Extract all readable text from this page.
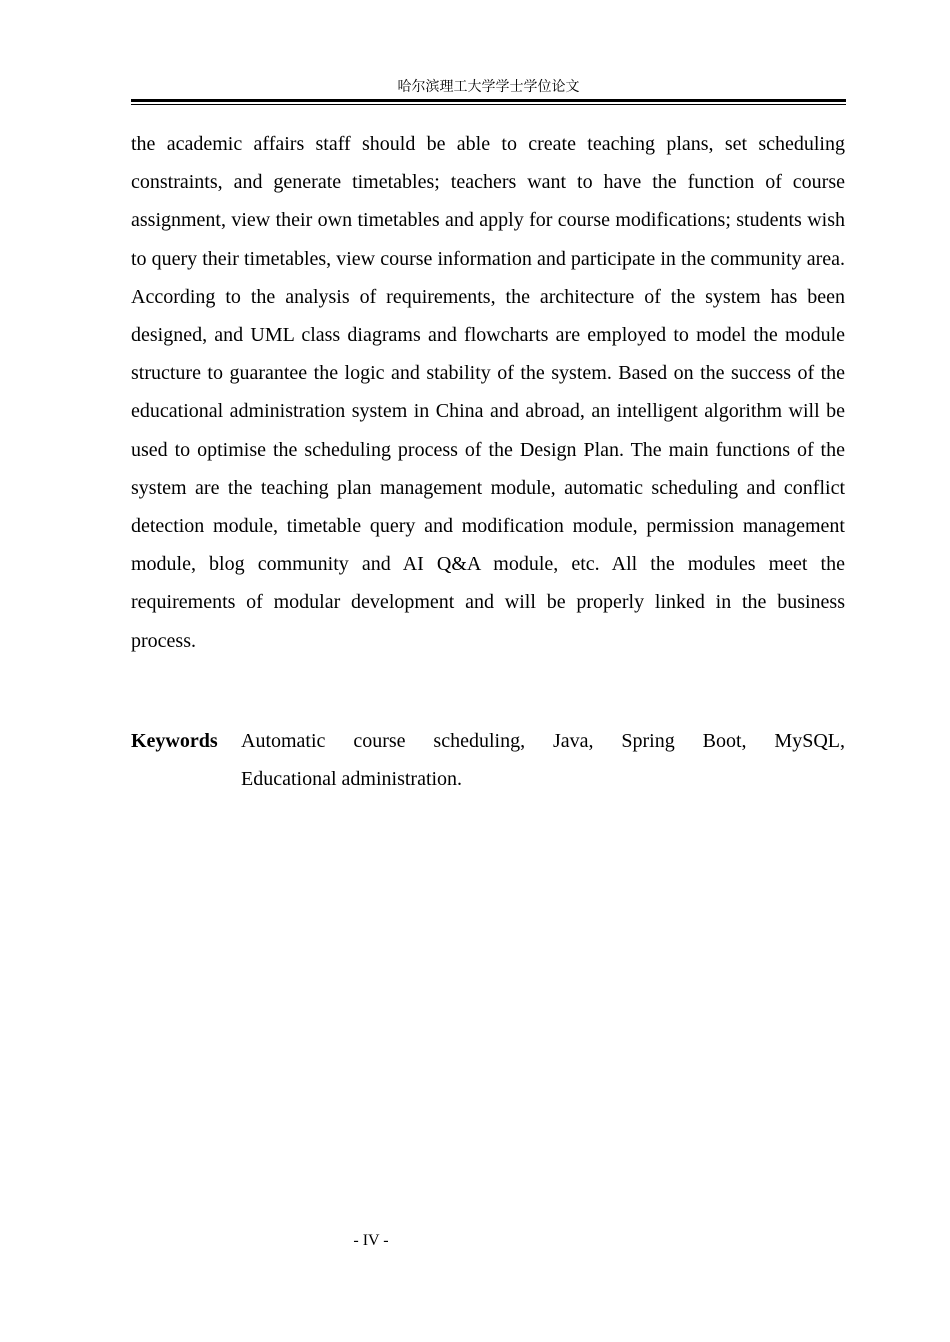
哈尔滨理工大学学士学位论文

the academic affairs staff should be able to create teaching plans, set scheduling constraints, and generate timetables; teachers want to have the function of course assignment, view their own timetables and apply for course modifications; students wish to query their timetables, view course information and participate in the community area. According to the analysis of requirements, the architecture of the system has been designed, and UML class diagrams and flowcharts are employed to model the module structure to guarantee the logic and stability of the system. Based on the success of the educational administration system in China and abroad, an intelligent algorithm will be used to optimise the scheduling process of the Design Plan. The main functions of the system are the teaching plan management module, automatic scheduling and conflict detection module, timetable query and modification module, permission management module, blog community and AI Q&A module, etc. All the modules meet the requirements of modular development and will be properly linked in the business process.

Keywords	Automatic course scheduling, Java, Spring Boot, MySQL,
Educational administration.
- IV -
